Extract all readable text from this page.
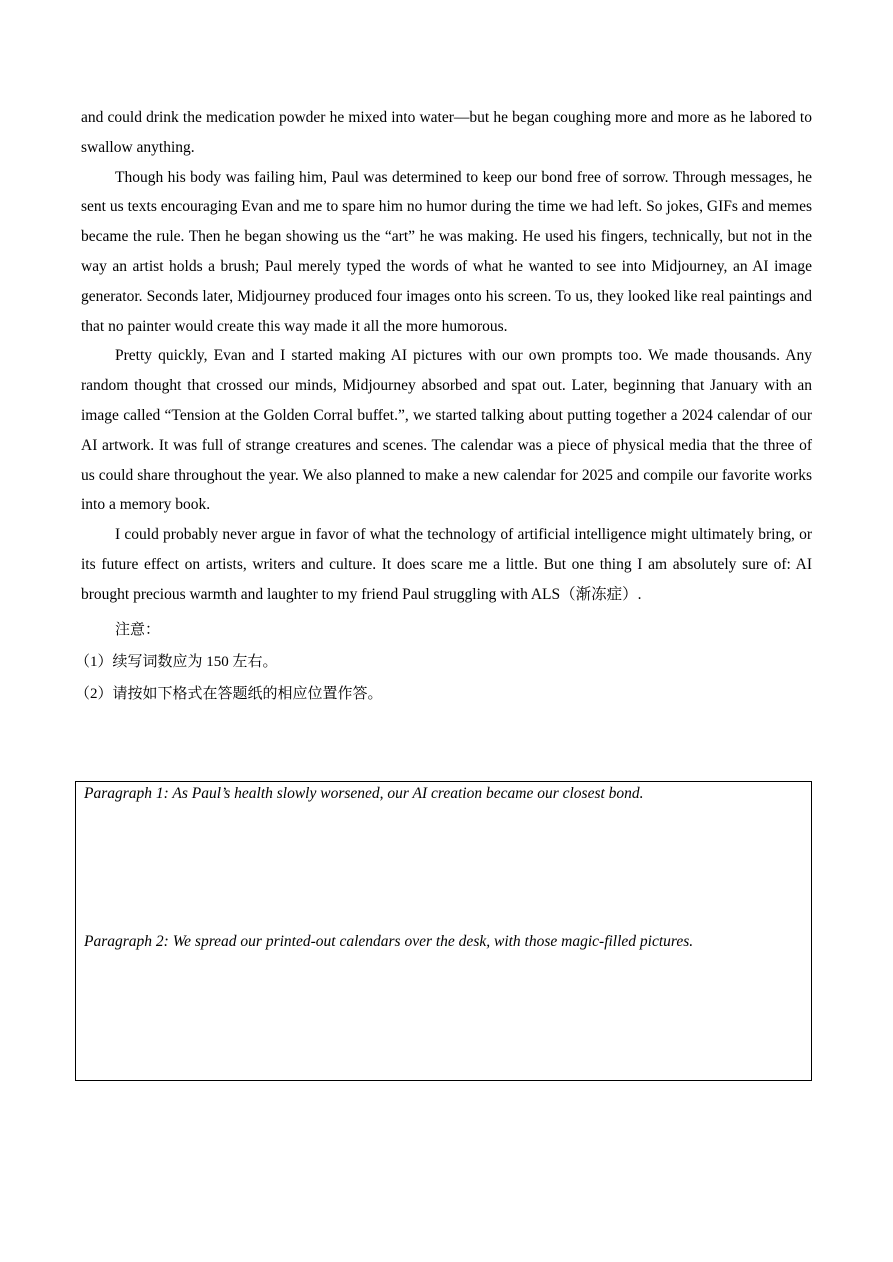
and could drink the medication powder he mixed into water—but he began coughing more and more as he labored to swallow anything.

Though his body was failing him, Paul was determined to keep our bond free of sorrow. Through messages, he sent us texts encouraging Evan and me to spare him no humor during the time we had left. So jokes, GIFs and memes became the rule. Then he began showing us the “art” he was making. He used his fingers, technically, but not in the way an artist holds a brush; Paul merely typed the words of what he wanted to see into Midjourney, an AI image generator. Seconds later, Midjourney produced four images onto his screen. To us, they looked like real paintings and that no painter would create this way made it all the more humorous.

Pretty quickly, Evan and I started making AI pictures with our own prompts too. We made thousands. Any random thought that crossed our minds, Midjourney absorbed and spat out. Later, beginning that January with an image called “Tension at the Golden Corral buffet.”, we started talking about putting together a 2024 calendar of our AI artwork. It was full of strange creatures and scenes. The calendar was a piece of physical media that the three of us could share throughout the year. We also planned to make a new calendar for 2025 and compile our favorite works into a memory book.

I could probably never argue in favor of what the technology of artificial intelligence might ultimately bring, or its future effect on artists, writers and culture. It does scare me a little. But one thing I am absolutely sure of: AI brought precious warmth and laughter to my friend Paul struggling with ALS（渐冻症）.

注意：

（1）续写词数应为 150 左右。

（2）请按如下格式在答题纸的相应位置作答。

Paragraph 1: As Paul’s health slowly worsened, our AI creation became our closest bond.
Paragraph 2: We spread our printed-out calendars over the desk, with those magic-filled pictures.
